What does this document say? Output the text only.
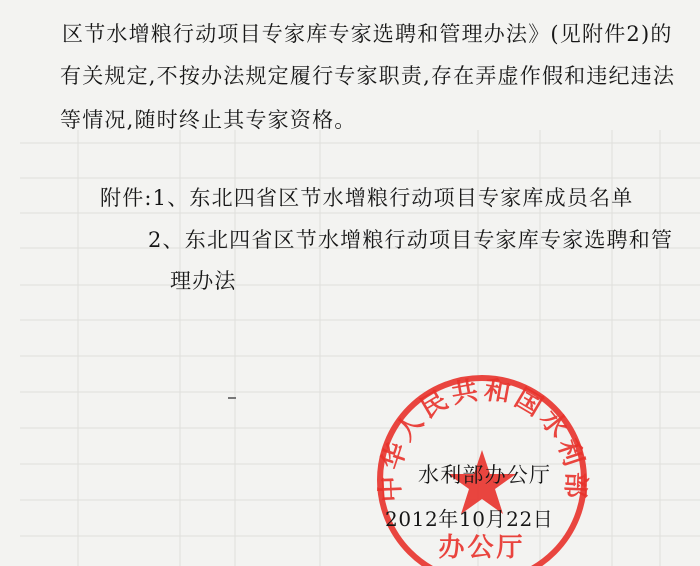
区节水增粮行动项目专家库专家选聘和管理办法》(见附件2)的
有关规定,不按办法规定履行专家职责,存在弄虚作假和违纪违法
等情况,随时终止其专家资格。
附件:1、东北四省区节水增粮行动项目专家库成员名单
2、东北四省区节水增粮行动项目专家库专家选聘和管
理办法
中华人民共和国水利部
办公厅
水利部办公厅
2012年10月22日
